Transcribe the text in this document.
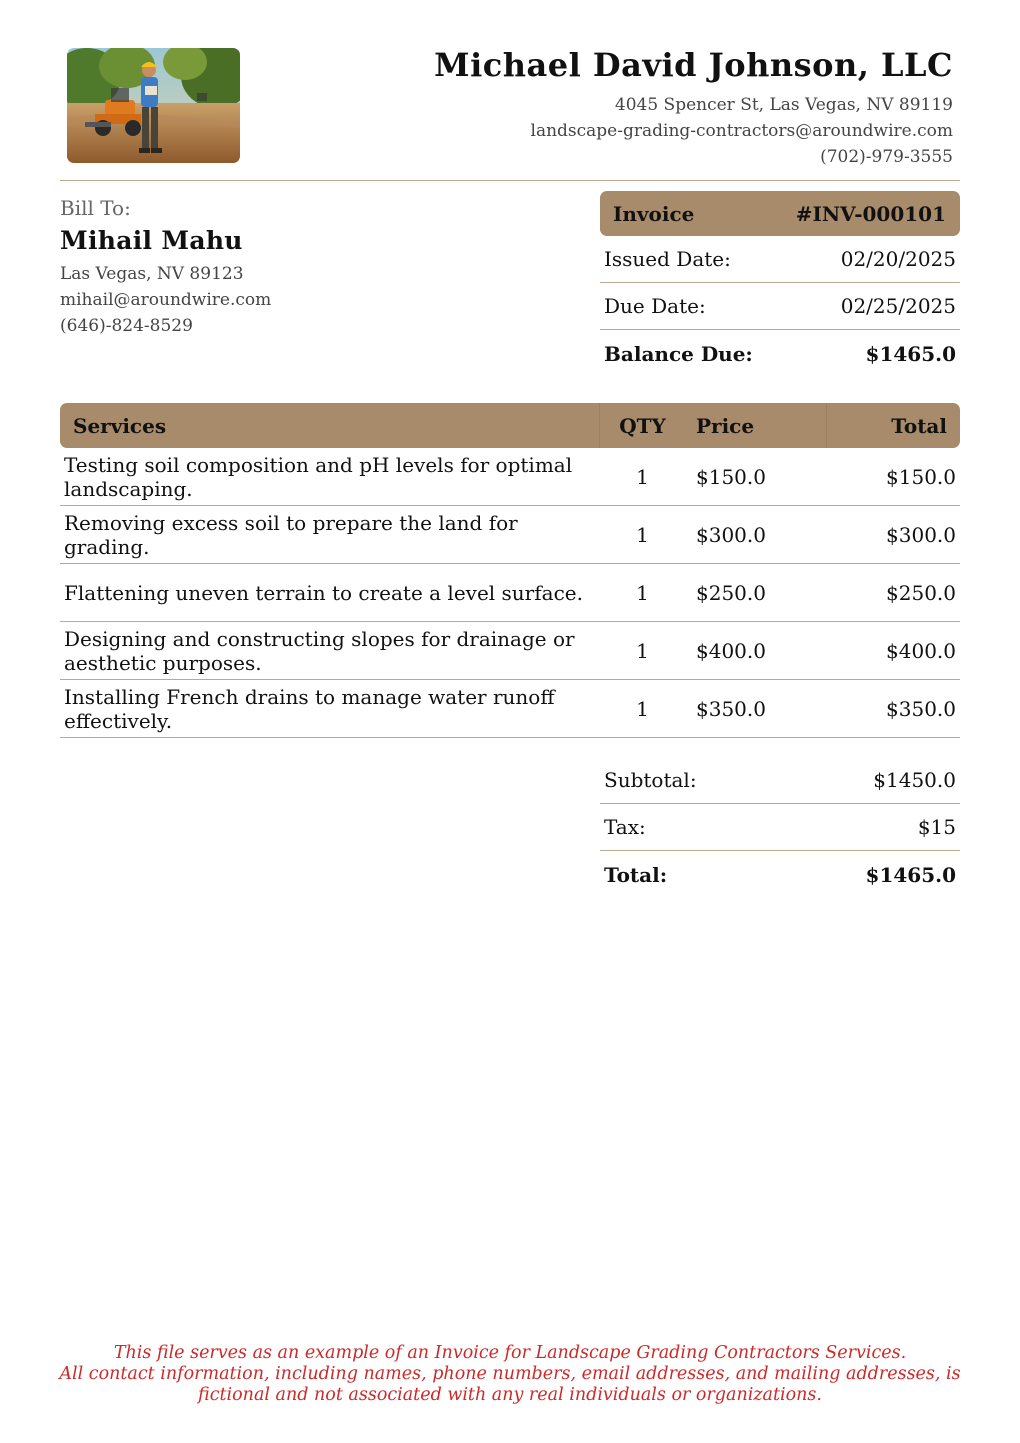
Michael David Johnson, LLC
4045 Spencer St, Las Vegas, NV 89119
landscape-grading-contractors@aroundwire.com
(702)-979-3555
Bill To:
Mihail Mahu
Las Vegas, NV 89123
mihail@aroundwire.com
(646)-824-8529
Invoice	#INV-000101
Issued Date:	02/20/2025
Due Date:	02/25/2025
Balance Due:	$1465.0
Services	QTY	Price	Total
Testing soil composition and pH levels for optimal landscaping.	1	$150.0	$150.0
Removing excess soil to prepare the land for grading.	1	$300.0	$300.0
Flattening uneven terrain to create a level surface.	1	$250.0	$250.0
Designing and constructing slopes for drainage or aesthetic purposes.	1	$400.0	$400.0
Installing French drains to manage water runoff effectively.	1	$350.0	$350.0
Subtotal:	$1450.0
Tax:	$15
Total:	$1465.0
This file serves as an example of an Invoice for Landscape Grading Contractors Services.
All contact information, including names, phone numbers, email addresses, and mailing addresses, is
fictional and not associated with any real individuals or organizations.
